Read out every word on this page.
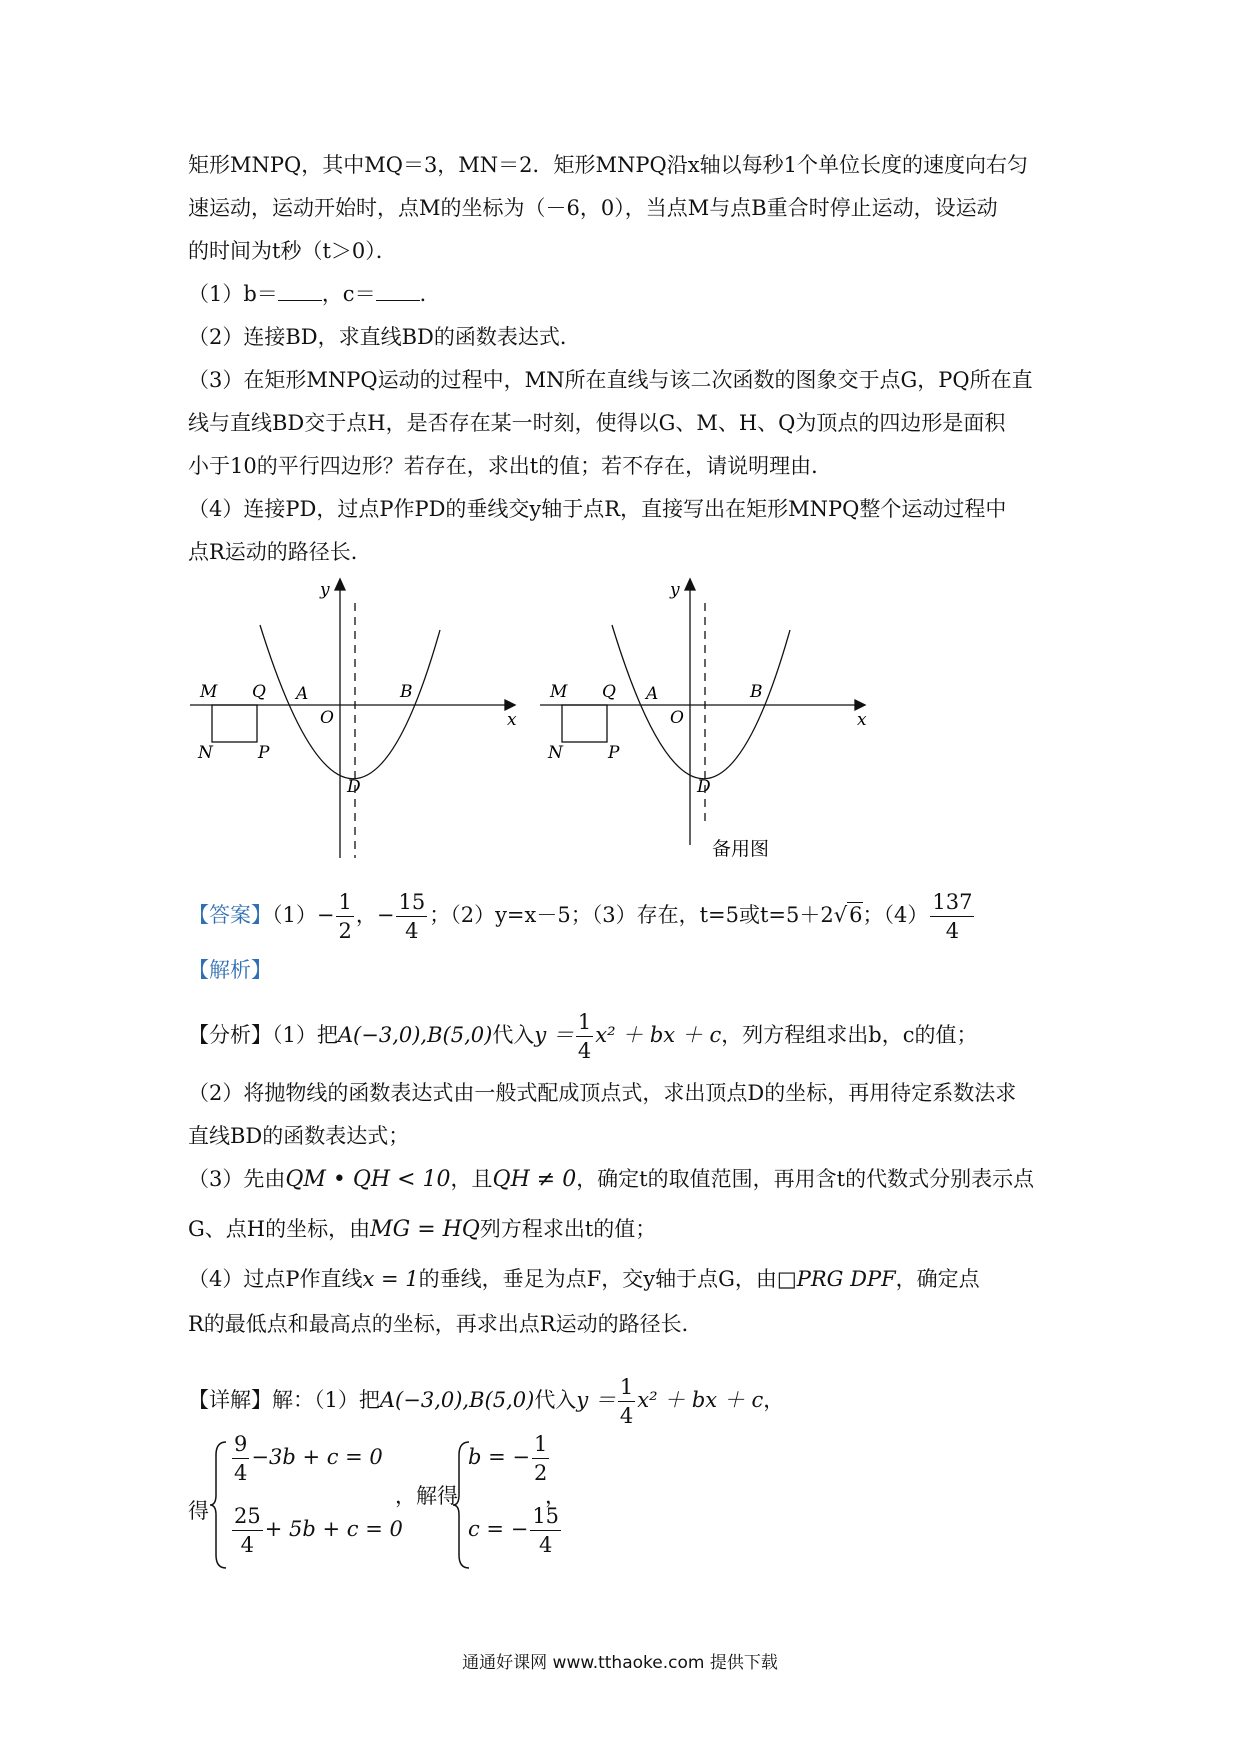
矩形MNPQ，其中MQ＝3，MN＝2．矩形MNPQ沿x轴以每秒1个单位长度的速度向右匀
速运动，运动开始时，点M的坐标为（－6，0），当点M与点B重合时停止运动，设运动
的时间为t秒（t＞0）．
（1）b＝ ，c＝ ．
（2）连接BD，求直线BD的函数表达式．
（3）在矩形MNPQ运动的过程中，MN所在直线与该二次函数的图象交于点G，PQ所在直
线与直线BD交于点H，是否存在某一时刻，使得以G、M、H、Q为顶点的四边形是面积
小于10的平行四边形？若存在，求出t的值；若不存在，请说明理由．
（4）连接PD，过点P作PD的垂线交y轴于点R，直接写出在矩形MNPQ整个运动过程中
点R运动的路径长．
M Q
N	P
A
O
B
D
x
y
M Q
N	P
A
O
B
D
x
y
备用图
【答案】$(1)- \frac{1}{2}$ ，− $\frac{15}{4}$ ；（2）y=x－5；（3）存在，t=5或t=5＋2√6；$(4) \frac{137}{4}$
【解析】
【分析】（1）把A(−3,0),B(5,0)代入$y = \frac{1}{4} x^2$ ＋ bx ＋ c，列方程组求出b，c的值；
（2）将抛物线的函数表达式由一般式配成顶点式，求出顶点D的坐标，再用待定系数法求
直线BD的函数表达式；
（3）先由QM • QH < 10，且QH ≠ 0，确定t的取值范围，再用含t的代数式分别表示点
G、点H的坐标，由MG = HQ列方程求出t的值；
（4）过点P作直线x = 1的垂线，垂足为点F，交y轴于点G，由□PRG DPF，确定点
R的最低点和最高点的坐标，再求出点R运动的路径长．
【详解】解：（1）把A(−3,0),B(5,0)代入$y = \frac{1}{4} x^2$ ＋ bx ＋ c，
得
$\frac{9}{4} -3b + c = 0$
$\frac{25}{4} + 5b + c = 0$
，解得
b = − $\frac{1}{2}$
c = − $\frac{15}{4}$
，
通通好课网 www.tthaoke.com 提供下载
